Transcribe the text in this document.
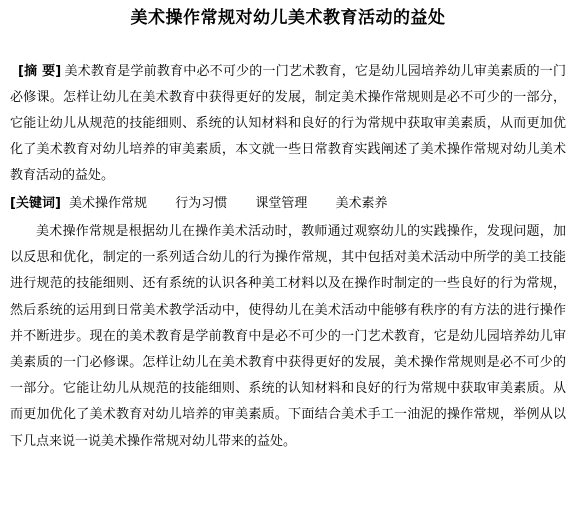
美术操作常规对幼儿美术教育活动的益处
[摘 要] 美术教育是学前教育中必不可少的一门艺术教育，它是幼儿园培养幼儿审美素质的一门必修课。怎样让幼儿在美术教育中获得更好的发展，制定美术操作常规则是必不可少的一部分，它能让幼儿从规范的技能细则、系统的认知材料和良好的行为常规中获取审美素质，从而更加优化了美术教育对幼儿培养的审美素质，本文就一些日常教育实践阐述了美术操作常规对幼儿美术教育活动的益处。
[关键词] 美术操作常规 行为习惯 课堂管理 美术素养

美术操作常规是根据幼儿在操作美术活动时，教师通过观察幼儿的实践操作，发现问题，加以反思和优化，制定的一系列适合幼儿的行为操作常规，其中包括对美术活动中所学的美工技能进行规范的技能细则、还有系统的认识各种美工材料以及在操作时制定的一些良好的行为常规，然后系统的运用到日常美术教学活动中，使得幼儿在美术活动中能够有秩序的有方法的进行操作并不断进步。现在的美术教育是学前教育中是必不可少的一门艺术教育，它是幼儿园培养幼儿审美素质的一门必修课。怎样让幼儿在美术教育中获得更好的发展，美术操作常规则是必不可少的一部分。它能让幼儿从规范的技能细则、系统的认知材料和良好的行为常规中获取审美素质。从而更加优化了美术教育对幼儿培养的审美素质。下面结合美术手工一油泥的操作常规，举例从以下几点来说一说美术操作常规对幼儿带来的益处。
